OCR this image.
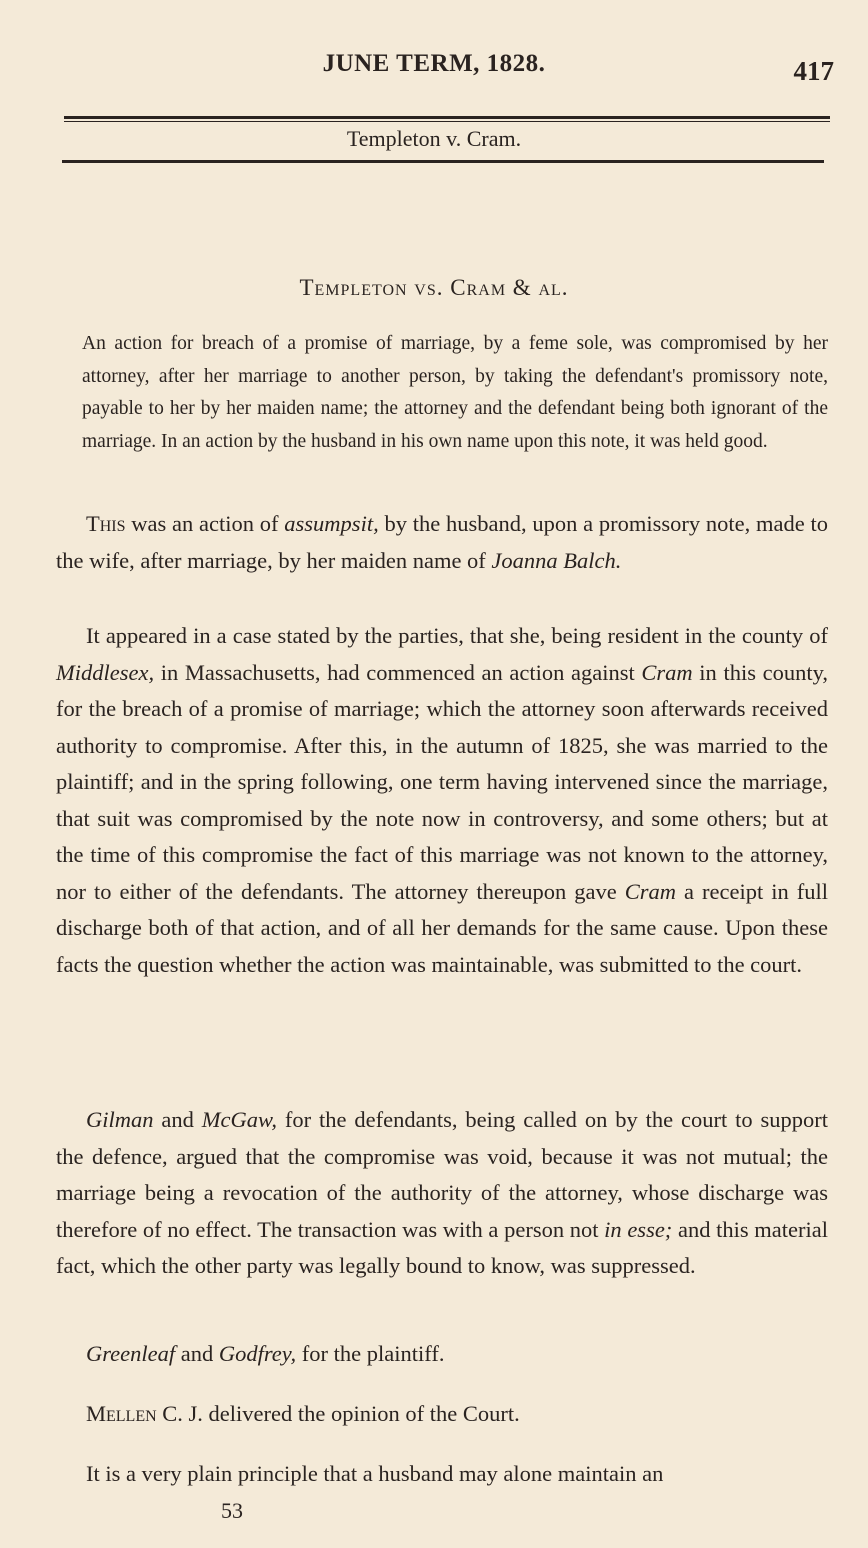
JUNE TERM, 1828.	417
Templeton v. Cram.
Templeton vs. Cram & al.
An action for breach of a promise of marriage, by a feme sole, was compromised by her attorney, after her marriage to another person, by taking the defendant's promissory note, payable to her by her maiden name; the attorney and the defendant being both ignorant of the marriage. In an action by the husband in his own name upon this note, it was held good.

This was an action of assumpsit, by the husband, upon a promissory note, made to the wife, after marriage, by her maiden name of Joanna Balch.

It appeared in a case stated by the parties, that she, being resident in the county of Middlesex, in Massachusetts, had commenced an action against Cram in this county, for the breach of a promise of marriage; which the attorney soon afterwards received authority to compromise. After this, in the autumn of 1825, she was married to the plaintiff; and in the spring following, one term having intervened since the marriage, that suit was compromised by the note now in controversy, and some others; but at the time of this compromise the fact of this marriage was not known to the attorney, nor to either of the defendants. The attorney thereupon gave Cram a receipt in full discharge both of that action, and of all her demands for the same cause. Upon these facts the question whether the action was maintainable, was submitted to the court.

Gilman and McGaw, for the defendants, being called on by the court to support the defence, argued that the compromise was void, because it was not mutual; the marriage being a revocation of the authority of the attorney, whose discharge was therefore of no effect. The transaction was with a person not in esse; and this material fact, which the other party was legally bound to know, was suppressed.

Greenleaf and Godfrey, for the plaintiff.

Mellen C. J. delivered the opinion of the Court.

It is a very plain principle that a husband may alone maintain an

53
